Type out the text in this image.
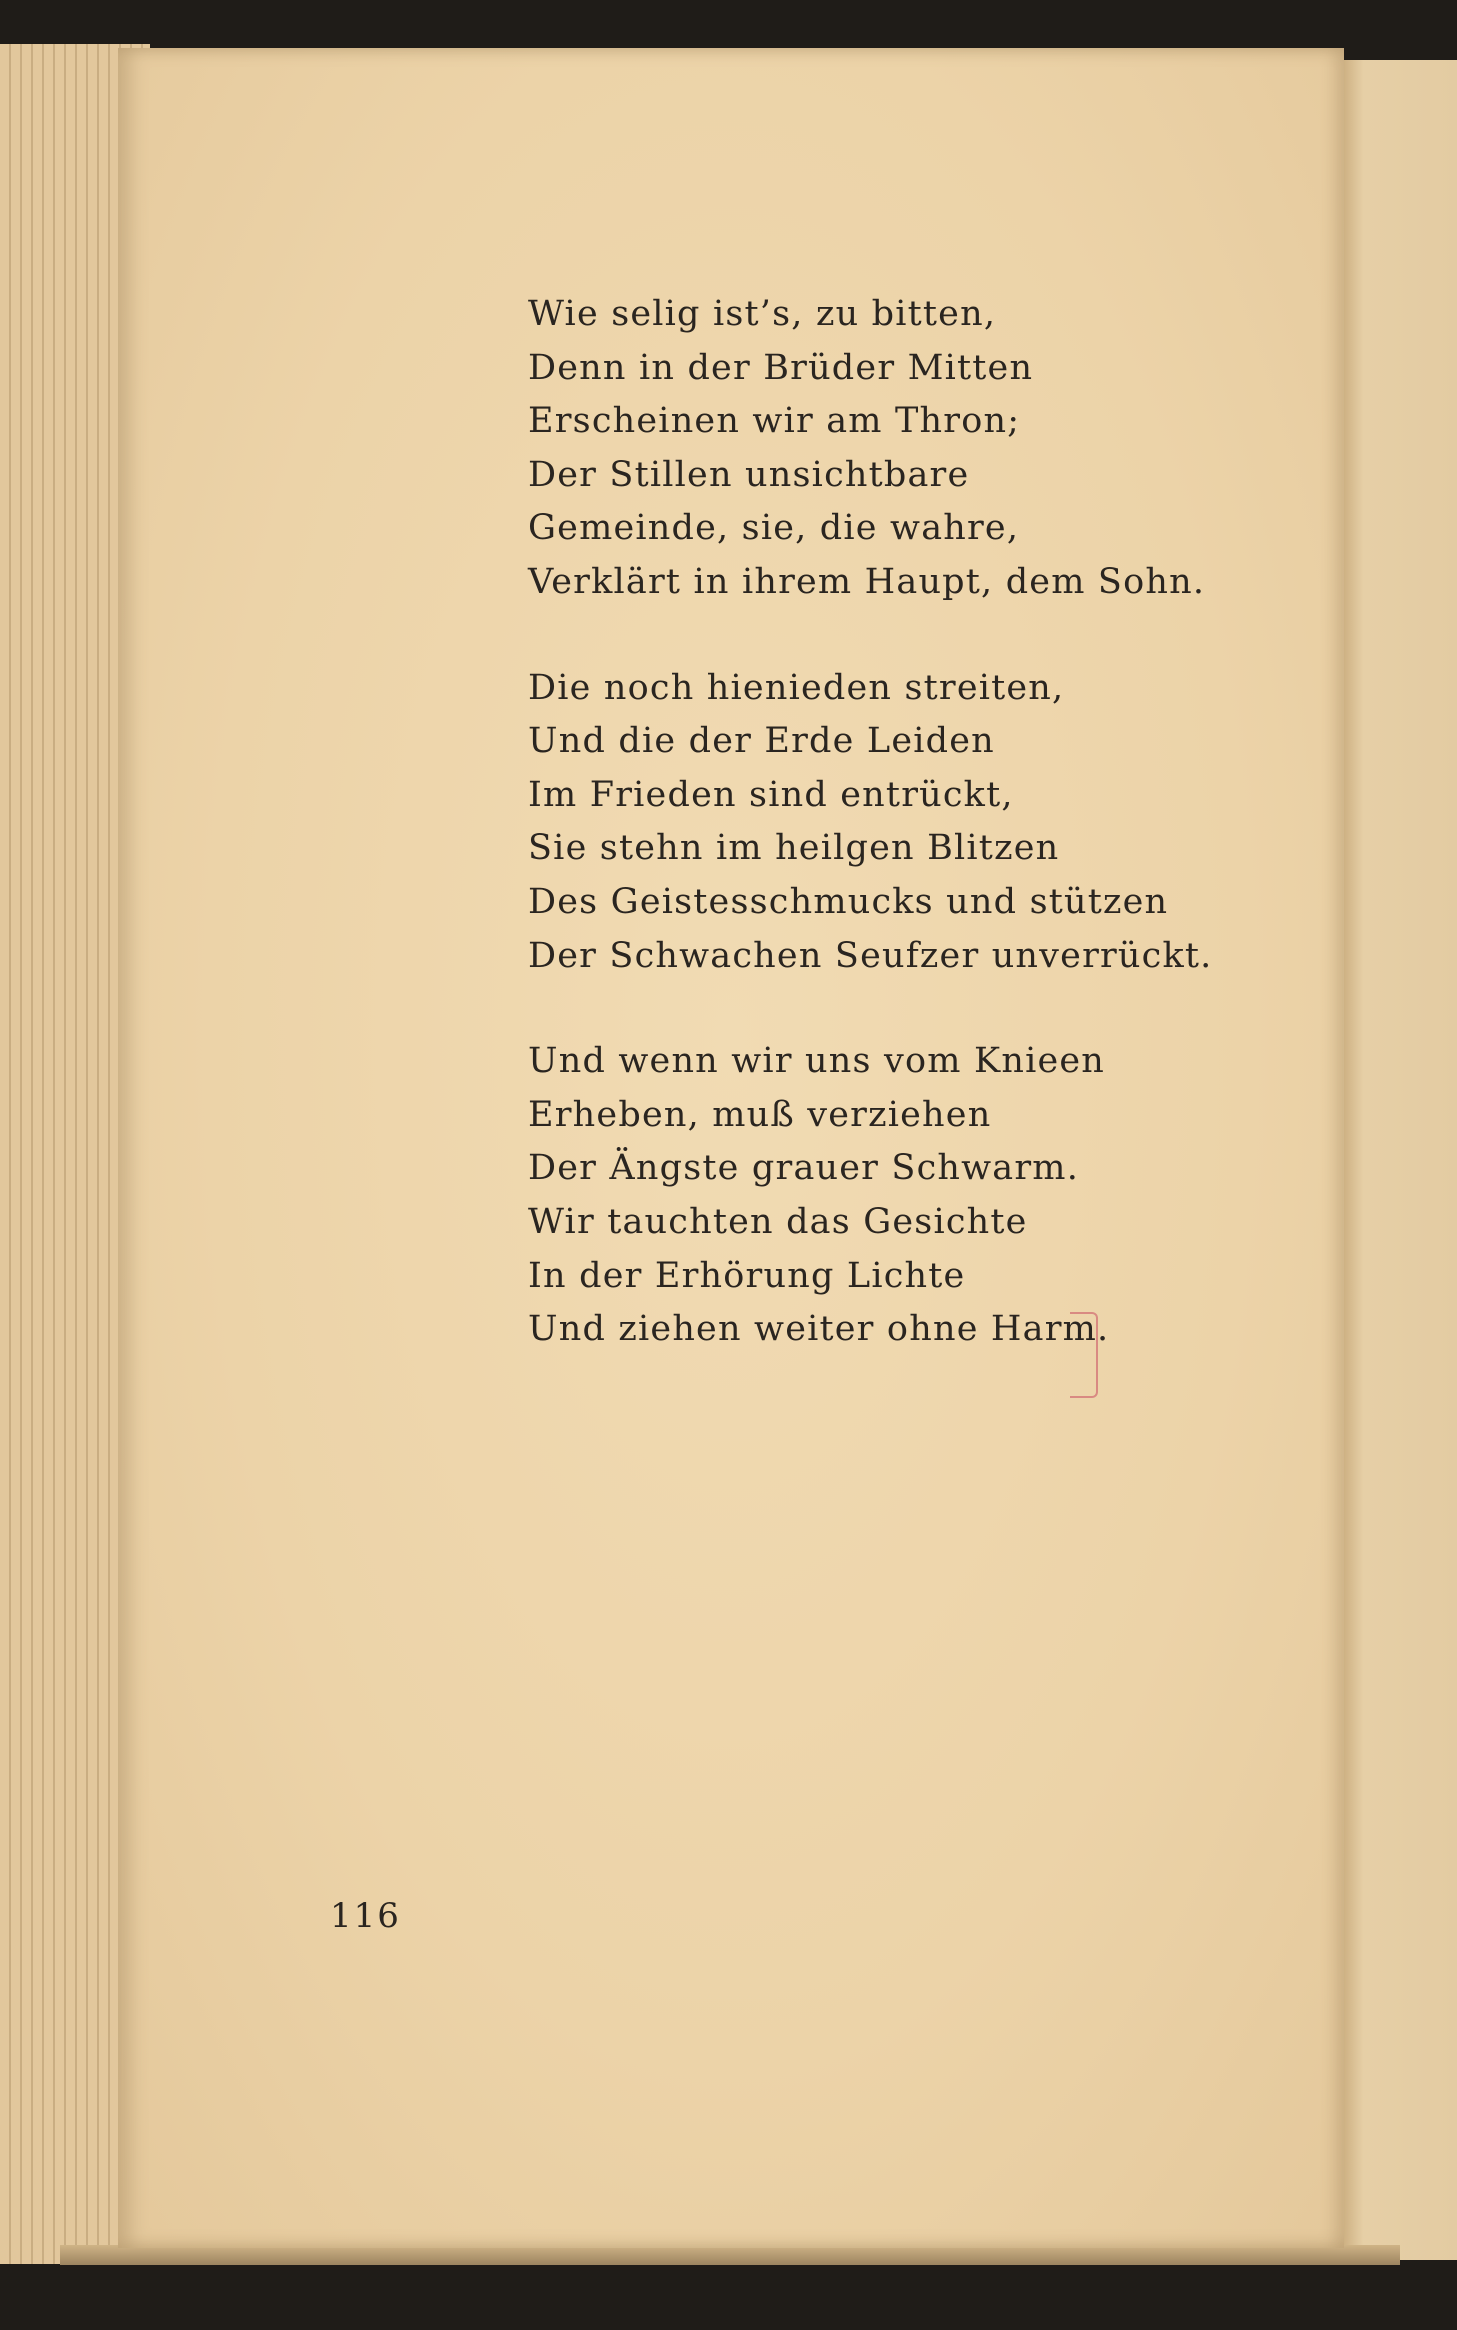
Wie selig ist’s, zu bitten,
Denn in der Brüder Mitten
Erscheinen wir am Thron;
Der Stillen unsichtbare
Gemeinde, sie, die wahre,
Verklärt in ihrem Haupt, dem Sohn.
Die noch hienieden streiten,
Und die der Erde Leiden
Im Frieden sind entrückt,
Sie stehn im heilgen Blitzen
Des Geistesschmucks und stützen
Der Schwachen Seufzer unverrückt.
Und wenn wir uns vom Knieen
Erheben, muß verziehen
Der Ängste grauer Schwarm.
Wir tauchten das Gesichte
In der Erhörung Lichte
Und ziehen weiter ohne Harm.
116
